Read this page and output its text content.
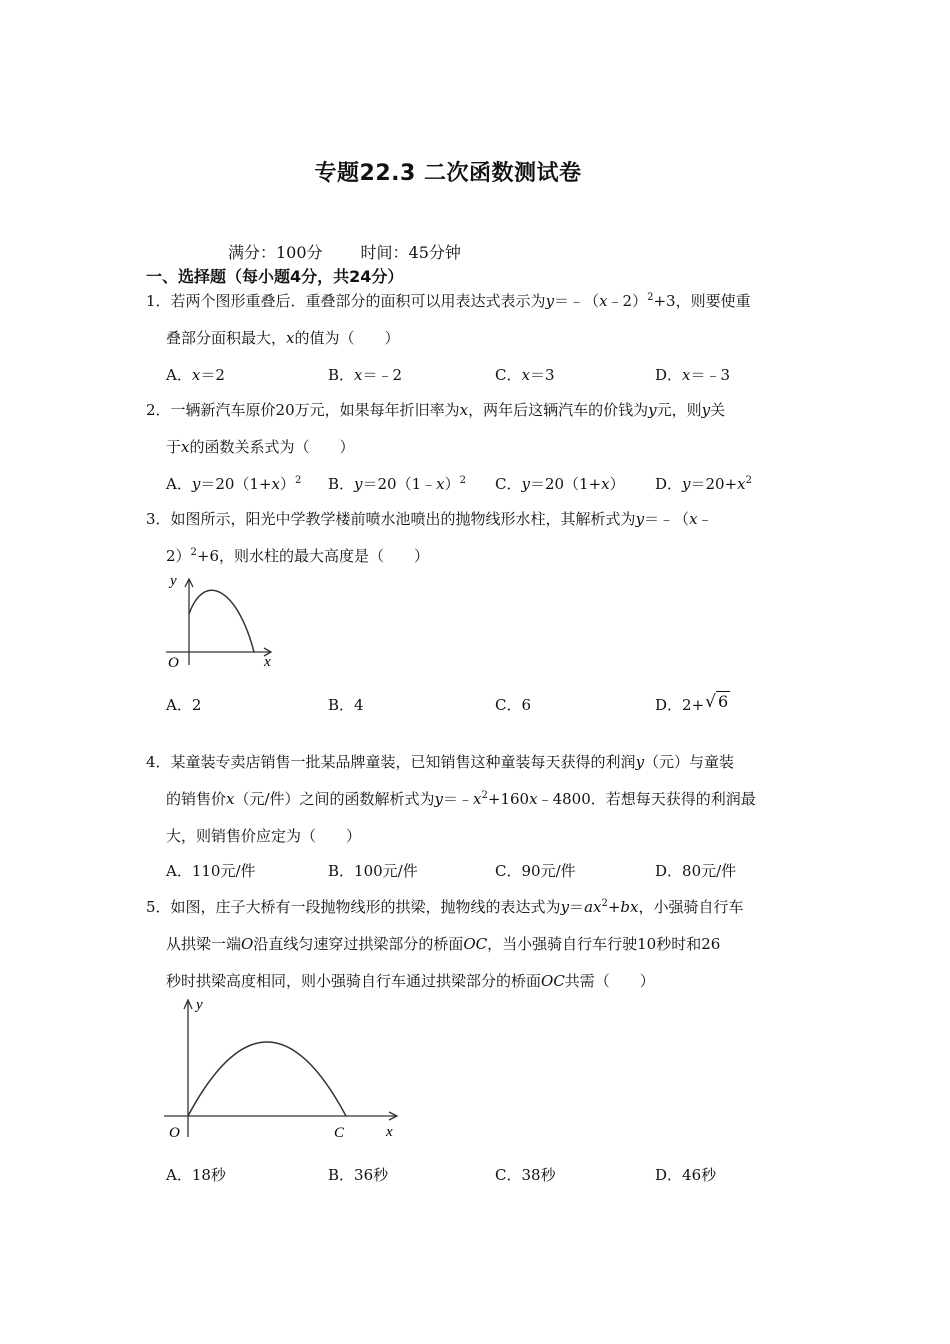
专题22.3 二次函数测试卷
满分：100分 时间：45分钟
一、选择题（每小题4分，共24分）
1．若两个图形重叠后．重叠部分的面积可以用表达式表示为y＝﹣（x﹣2）$^2$+3，则要使重
叠部分面积最大，x的值为（　　）
A．x＝2	B．x＝﹣2	C．x＝3	D．x＝﹣3
2．一辆新汽车原价20万元，如果每年折旧率为x，两年后这辆汽车的价钱为y元，则y关
于x的函数关系式为（　　）
A．$y=20(1+x)^2$ B．y＝20（1﹣x）$^2$ C．y＝20（1+x） D．$y=20+x^2$
3．如图所示，阳光中学教学楼前喷水池喷出的抛物线形水柱，其解析式为y＝﹣（x﹣
2）$^2$+6，则水柱的最大高度是（　　）
y
O	x
A．2	B．4	C．6	D．2+√ 6
4．某童装专卖店销售一批某品牌童装，已知销售这种童装每天获得的利润y（元）与童装
的销售价x（元/件）之间的函数解析式为$y=﹣x^2+160x﹣4800$．若想每天获得的利润最
大，则销售价应定为（　　）
A．110元/件	B．100元/件	C．90元/件	D．80元/件
5．如图，庄子大桥有一段抛物线形的拱梁，抛物线的表达式为$y=ax^2+bx$，小强骑自行车
从拱梁一端O沿直线匀速穿过拱梁部分的桥面OC，当小强骑自行车行驶10秒时和26
秒时拱梁高度相同，则小强骑自行车通过拱梁部分的桥面OC共需（　　）
y
O	C	x
A．18秒	B．36秒	C．38秒	D．46秒
